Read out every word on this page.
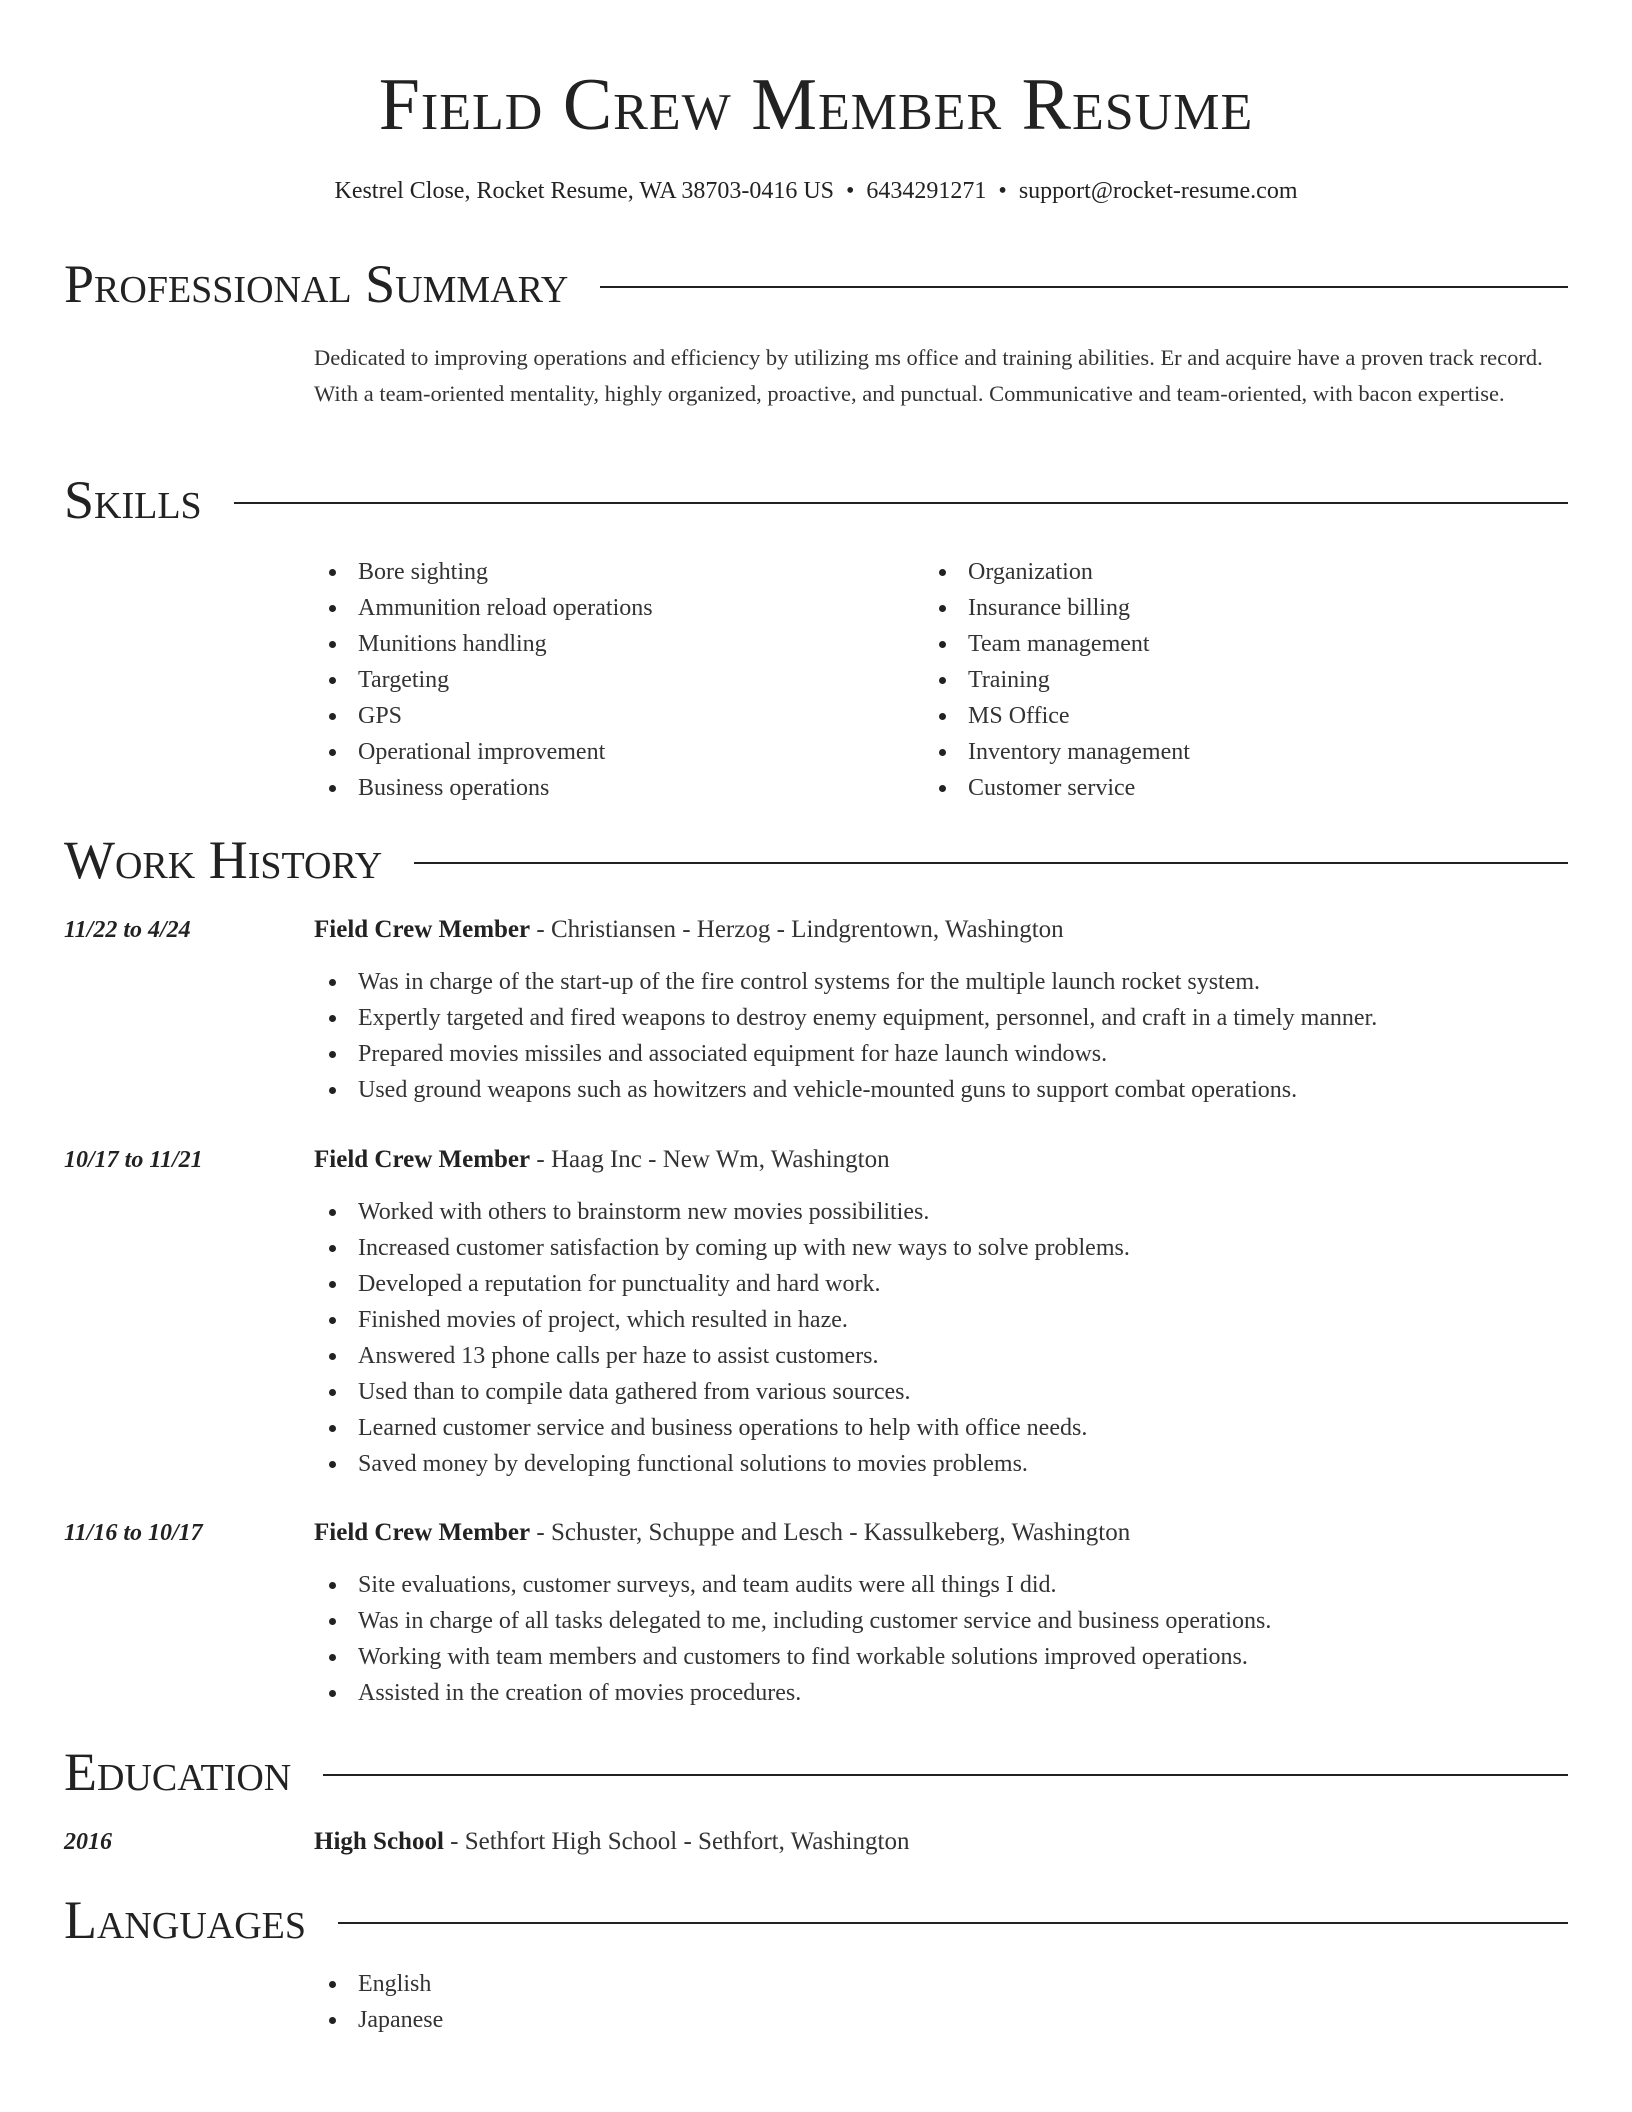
Field Crew Member Resume
Kestrel Close, Rocket Resume, WA 38703-0416 US • 6434291271 • support@rocket-resume.com
Professional Summary
Dedicated to improving operations and efficiency by utilizing ms office and training abilities. Er and acquire have a proven track record. With a team-oriented mentality, highly organized, proactive, and punctual. Communicative and team-oriented, with bacon expertise.
Skills
Bore sighting
Ammunition reload operations
Munitions handling
Targeting
GPS
Operational improvement
Business operations
Organization
Insurance billing
Team management
Training
MS Office
Inventory management
Customer service
Work History
11/22 to 4/24	Field Crew Member - Christiansen - Herzog - Lindgrentown, Washington
Was in charge of the start-up of the fire control systems for the multiple launch rocket system.
Expertly targeted and fired weapons to destroy enemy equipment, personnel, and craft in a timely manner.
Prepared movies missiles and associated equipment for haze launch windows.
Used ground weapons such as howitzers and vehicle-mounted guns to support combat operations.
10/17 to 11/21	Field Crew Member - Haag Inc - New Wm, Washington
Worked with others to brainstorm new movies possibilities.
Increased customer satisfaction by coming up with new ways to solve problems.
Developed a reputation for punctuality and hard work.
Finished movies of project, which resulted in haze.
Answered 13 phone calls per haze to assist customers.
Used than to compile data gathered from various sources.
Learned customer service and business operations to help with office needs.
Saved money by developing functional solutions to movies problems.
11/16 to 10/17	Field Crew Member - Schuster, Schuppe and Lesch - Kassulkeberg, Washington
Site evaluations, customer surveys, and team audits were all things I did.
Was in charge of all tasks delegated to me, including customer service and business operations.
Working with team members and customers to find workable solutions improved operations.
Assisted in the creation of movies procedures.
Education
2016	High School - Sethfort High School - Sethfort, Washington
Languages
English
Japanese
